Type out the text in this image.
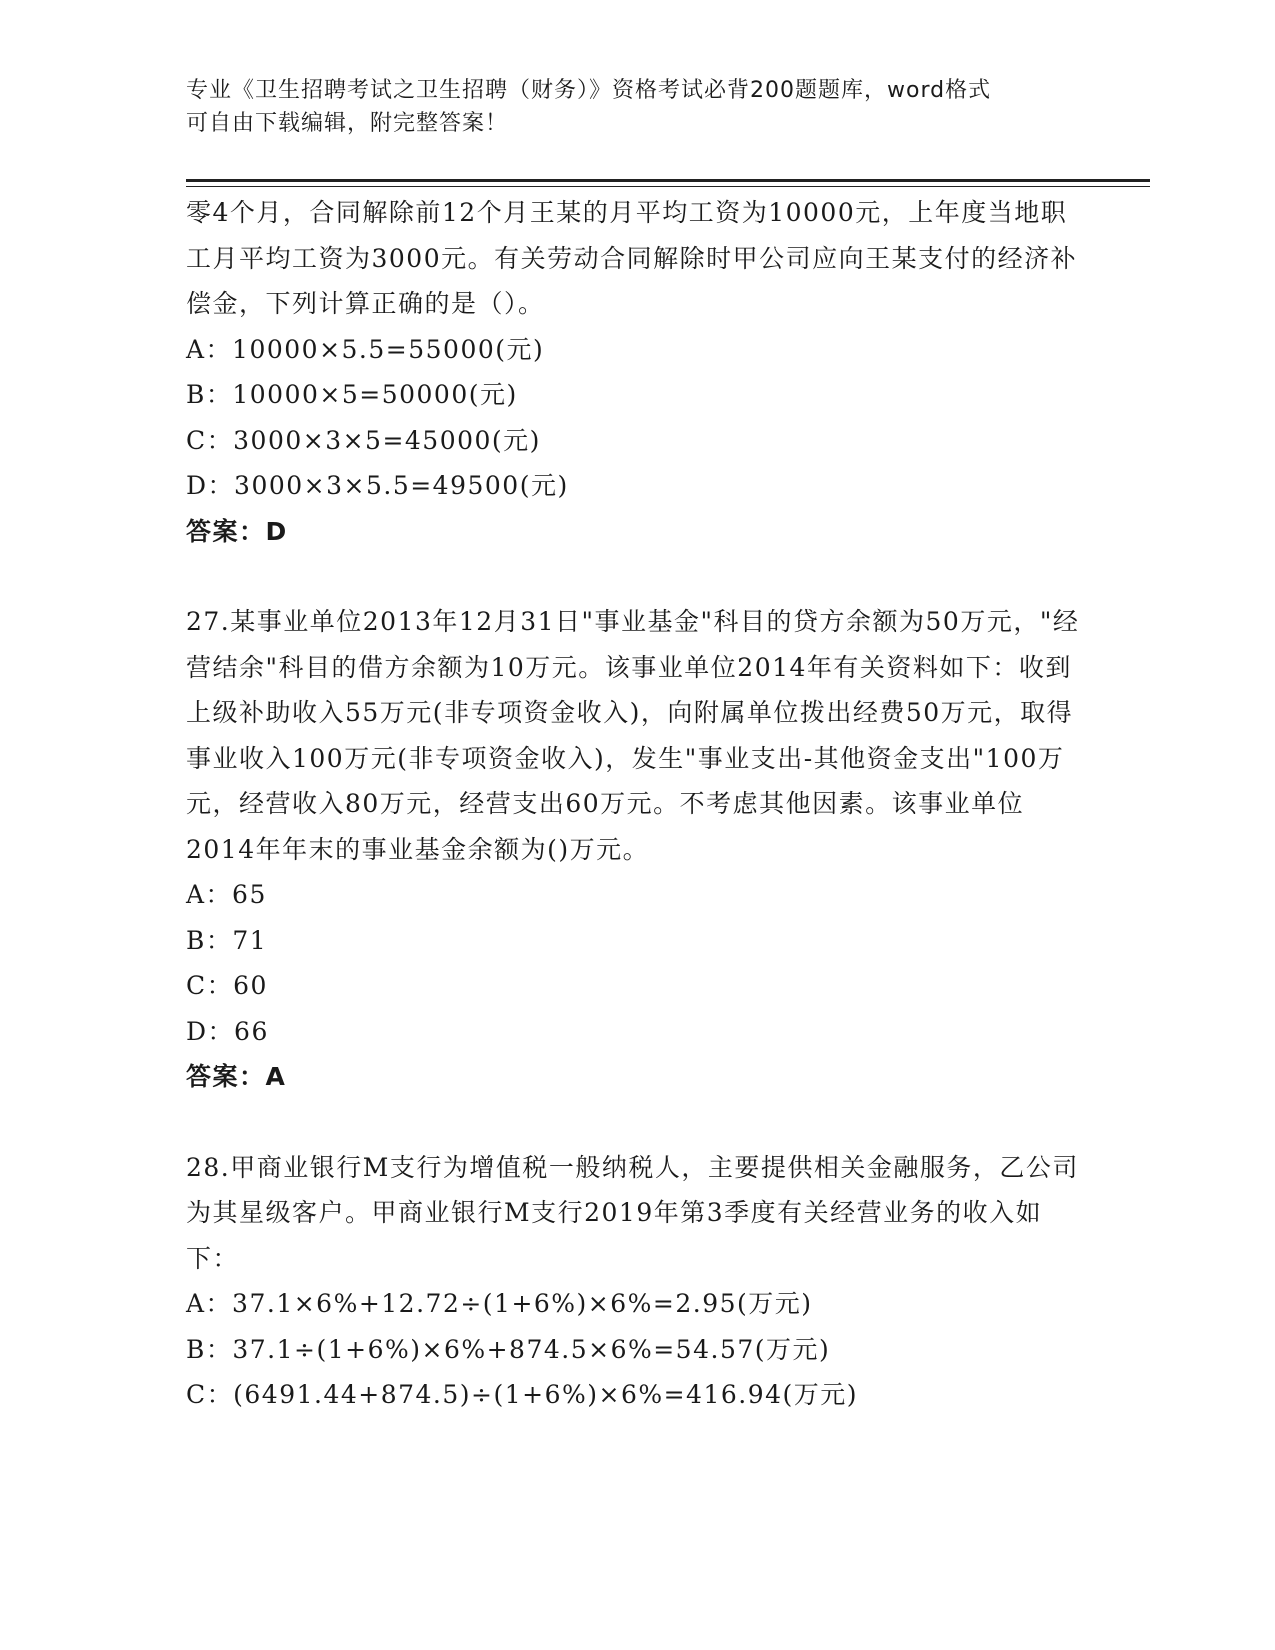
专业《卫生招聘考试之卫生招聘（财务）》资格考试必背200题题库，word格式
可自由下载编辑，附完整答案！

零4个月，合同解除前12个月王某的月平均工资为10000元，上年度当地职工月平均工资为3000元。有关劳动合同解除时甲公司应向王某支付的经济补偿金，下列计算正确的是（）。

A：10000×5.5=55000(元)

B：10000×5=50000(元)

C：3000×3×5=45000(元)

D：3000×3×5.5=49500(元)

答案：D

27.某事业单位2013年12月31日"事业基金"科目的贷方余额为50万元，"经营结余"科目的借方余额为10万元。该事业单位2014年有关资料如下：收到上级补助收入55万元(非专项资金收入)，向附属单位拨出经费50万元，取得事业收入100万元(非专项资金收入)，发生"事业支出-其他资金支出"100万元，经营收入80万元，经营支出60万元。不考虑其他因素。该事业单位2014年年末的事业基金余额为()万元。

A：65

B：71

C：60

D：66

答案：A

28.甲商业银行M支行为增值税一般纳税人，主要提供相关金融服务，乙公司为其星级客户。甲商业银行M支行2019年第3季度有关经营业务的收入如下：

A：37.1×6%+12.72÷(1+6%)×6%=2.95(万元)

B：37.1÷(1+6%)×6%+874.5×6%=54.57(万元)

C：(6491.44+874.5)÷(1+6%)×6%=416.94(万元)
